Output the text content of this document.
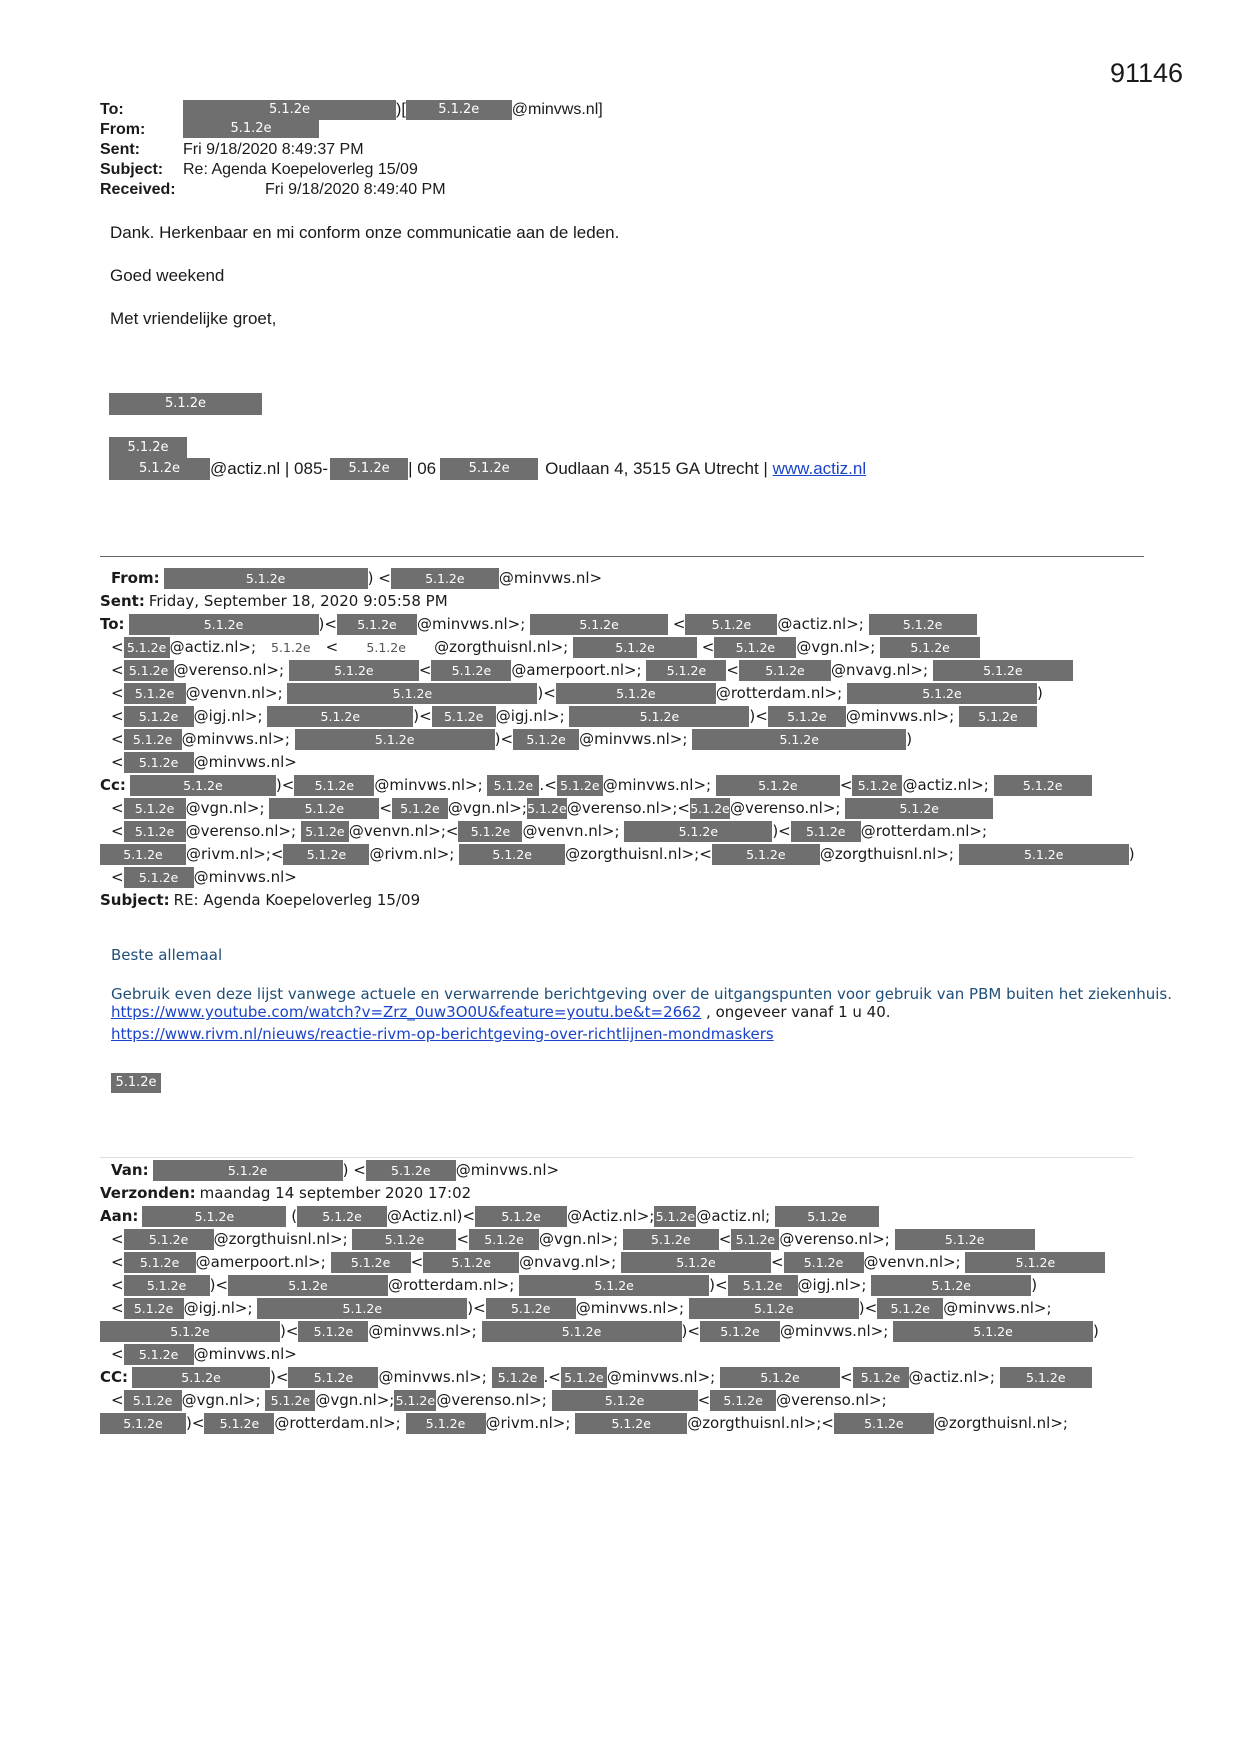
91146
To:	5.1.2e	)[	5.1.2e	@minvws.nl]
From:	5.1.2e
Sent:	Fri 9/18/2020 8:49:37 PM
Subject:	Re: Agenda Koepeloverleg 15/09
Received:	Fri 9/18/2020 8:49:40 PM

Dank. Herkenbaar en mi conform onze communicatie aan de leden.

Goed weekend

Met vriendelijke groet,

5.1.2e
5.1.2e
5.1.2e	@actiz.nl | 085-	5.1.2e	| 06	5.1.2e	Oudlaan 4, 3515 GA Utrecht |
www.actiz.nl
From:	5.1.2e	) <	5.1.2e	@minvws.nl>
Sent: Friday, September 18, 2020 9:05:58 PM
To:	5.1.2e	)<	5.1.2e	@minvws.nl>;
	5.1.2e	<	5.1.2e	@actiz.nl>;
	5.1.2e
< 5.1.2e @actiz.nl>;
	5.1.2e <	5.1.2e	@zorgthuisnl.nl>;
	5.1.2e	<	5.1.2e	@vgn.nl>;
	5.1.2e
< 5.1.2e @verenso.nl>;
	5.1.2e	<	5.1.2e	@amerpoort.nl>;
	5.1.2e	<	5.1.2e	@nvavg.nl>;
	5.1.2e
< 5.1.2e @venvn.nl>;
	5.1.2e	)<	5.1.2e	@rotterdam.nl>;
	5.1.2e	)
<	5.1.2e	@igj.nl>;
	5.1.2e	)< 5.1.2e @igj.nl>;
	5.1.2e	)<	5.1.2e	@minvws.nl>;
	5.1.2e
< 5.1.2e @minvws.nl>;
	5.1.2e	)<	5.1.2e @minvws.nl>;
	5.1.2e	)
<	5.1.2e	@minvws.nl>
Cc:	5.1.2e	)<	5.1.2e	@minvws.nl>;
5.1.2e .< 5.1.2e @minvws.nl>;
	5.1.2e	< 5.1.2e @actiz.nl>;
	5.1.2e
< 5.1.2e @vgn.nl>;
	5.1.2e	< 5.1.2e @vgn.nl>; 5.1.2e @verenso.nl>; < 5.1.2e @verenso.nl>;
	5.1.2e
< 5.1.2e @verenso.nl>;
5.1.2e @venvn.nl>; < 5.1.2e @venvn.nl>;
	5.1.2e	)<	5.1.2e	@rotterdam.nl>;
5.1.2e	@rivm.nl>; <	5.1.2e	@rivm.nl>;
	5.1.2e	@zorgthuisnl.nl>; <	5.1.2e	@zorgthuisnl.nl>;
	5.1.2e	)
<	5.1.2e	@minvws.nl>
Subject: RE: Agenda Koepeloverleg 15/09

Beste allemaal

Gebruik even deze lijst vanwege actuele en verwarrende berichtgeving over de uitgangspunten voor gebruik van PBM buiten het ziekenhuis.

https://www.youtube.com/watch?v=Zrz_0uw3O0U&feature=youtu.be&t=2662 , ongeveer vanaf 1 u 40.

https://www.rivm.nl/nieuws/reactie-rivm-op-berichtgeving-over-richtlijnen-mondmaskers

5.1.2e

Van:	5.1.2e	) <	5.1.2e	@minvws.nl>
Verzonden: maandag 14 september 2020 17:02
Aan:	5.1.2e	(	5.1.2e	@Actiz.nl)<	5.1.2e	@Actiz.nl>; 5.1.2e @actiz.nl;	5.1.2e
<	5.1.2e	@zorgthuisnl.nl>;
	5.1.2e	<	5.1.2e	@vgn.nl>;
	5.1.2e	< 5.1.2e @verenso.nl>;
	5.1.2e
<	5.1.2e	@amerpoort.nl>;
	5.1.2e	<	5.1.2e	@nvavg.nl>;
	5.1.2e	<	5.1.2e	@venvn.nl>;
	5.1.2e
<	5.1.2e	)<	5.1.2e	@rotterdam.nl>;
	5.1.2e	)<	5.1.2e	@igj.nl>;
	5.1.2e	)
< 5.1.2e @igj.nl>;
	5.1.2e	)<	5.1.2e	@minvws.nl>;
	5.1.2e	)<	5.1.2e @minvws.nl>;
5.1.2e	)<	5.1.2e	@minvws.nl>;
	5.1.2e	)<	5.1.2e	@minvws.nl>;
	5.1.2e	)
<	5.1.2e	@minvws.nl>
CC:	5.1.2e	)<	5.1.2e	@minvws.nl>;
5.1.2e .< 5.1.2e @minvws.nl>;
	5.1.2e	< 5.1.2e @actiz.nl>;
	5.1.2e
< 5.1.2e @vgn.nl>;
5.1.2e @vgn.nl>; 5.1.2e @verenso.nl>;
	5.1.2e	<	5.1.2e @verenso.nl>;
5.1.2e	)<	5.1.2e	@rotterdam.nl>;
	5.1.2e	@rivm.nl>;
	5.1.2e	@zorgthuisnl.nl>; <	5.1.2e	@zorgthuisnl.nl>;
